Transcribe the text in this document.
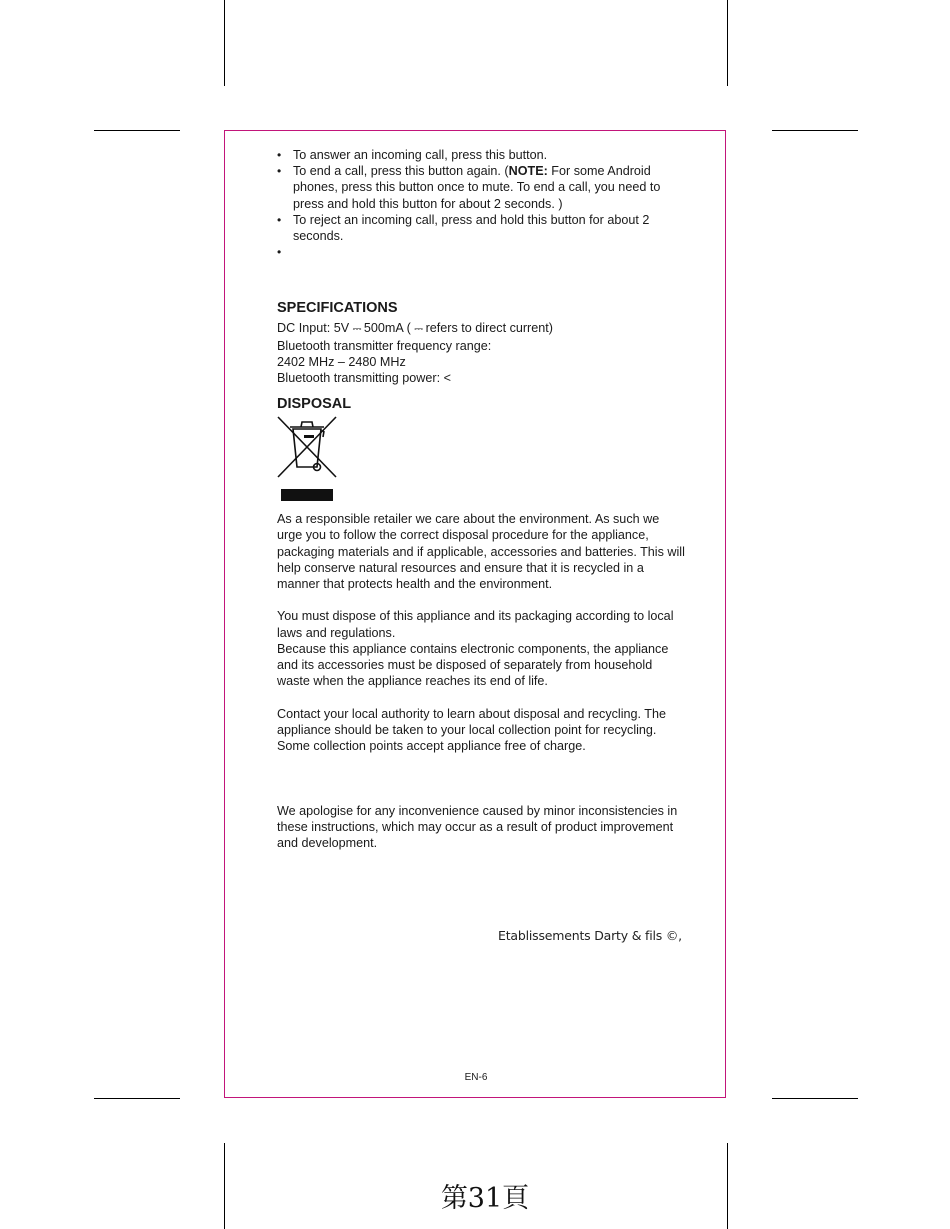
• To answer an incoming call, press this button.
• To end a call, press this button again. (NOTE: For some Android phones, press this button once to mute. To end a call, you need to press and hold this button for about 2 seconds. )
• To reject an incoming call, press and hold this button for about 2 seconds.
•
SPECIFICATIONS
DC Input: 5V ⎓ 500mA ( ⎓ refers to direct current)
Bluetooth transmitter frequency range:
2402 MHz – 2480 MHz
Bluetooth transmitting power: <
DISPOSAL

As a responsible retailer we care about the environment. As such we urge you to follow the correct disposal procedure for the appliance, packaging materials and if applicable, accessories and batteries. This will help conserve natural resources and ensure that it is recycled in a manner that protects health and the environment.

You must dispose of this appliance and its packaging according to local laws and regulations.

Because this appliance contains electronic components, the appliance and its accessories must be disposed of separately from household waste when the appliance reaches its end of life.

Contact your local authority to learn about disposal and recycling. The appliance should be taken to your local collection point for recycling. Some collection points accept appliance free of charge.

We apologise for any inconvenience caused by minor inconsistencies in these instructions, which may occur as a result of product improvement and development.

Etablissements Darty & fils ©,
EN-6
第31頁
